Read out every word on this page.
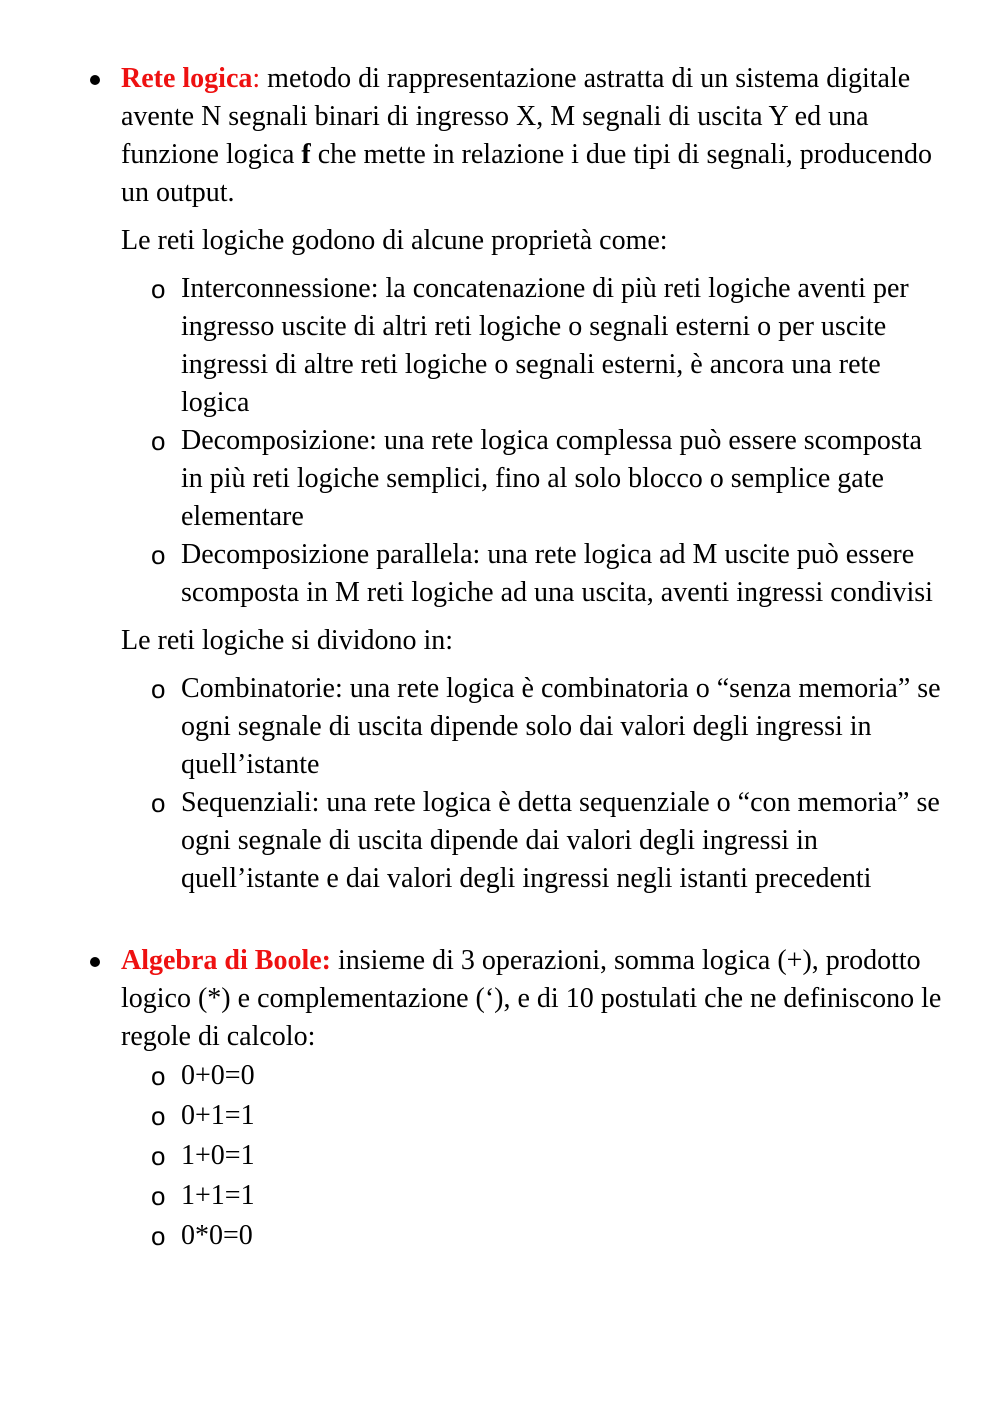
Rete logica: metodo di rappresentazione astratta di un sistema digitale avente N segnali binari di ingresso X, M segnali di uscita Y ed una funzione logica f che mette in relazione i due tipi di segnali, producendo un output.

Le reti logiche godono di alcune proprietà come:

o Interconnessione: la concatenazione di più reti logiche aventi per ingresso uscite di altri reti logiche o segnali esterni o per uscite ingressi di altre reti logiche o segnali esterni, è ancora una rete logica
o Decomposizione: una rete logica complessa può essere scomposta in più reti logiche semplici, fino al solo blocco o semplice gate elementare
o Decomposizione parallela: una rete logica ad M uscite può essere scomposta in M reti logiche ad una uscita, aventi ingressi condivisi

Le reti logiche si dividono in:

o Combinatorie: una rete logica è combinatoria o “senza memoria” se ogni segnale di uscita dipende solo dai valori degli ingressi in quell’istante
o Sequenziali: una rete logica è detta sequenziale o “con memoria” se ogni segnale di uscita dipende dai valori degli ingressi in quell’istante e dai valori degli ingressi negli istanti precedenti

Algebra di Boole: insieme di 3 operazioni, somma logica (+), prodotto logico (*) e complementazione (‘), e di 10 postulati che ne definiscono le regole di calcolo:

o 0+0=0
o 0+1=1
o 1+0=1
o 1+1=1
o 0*0=0
